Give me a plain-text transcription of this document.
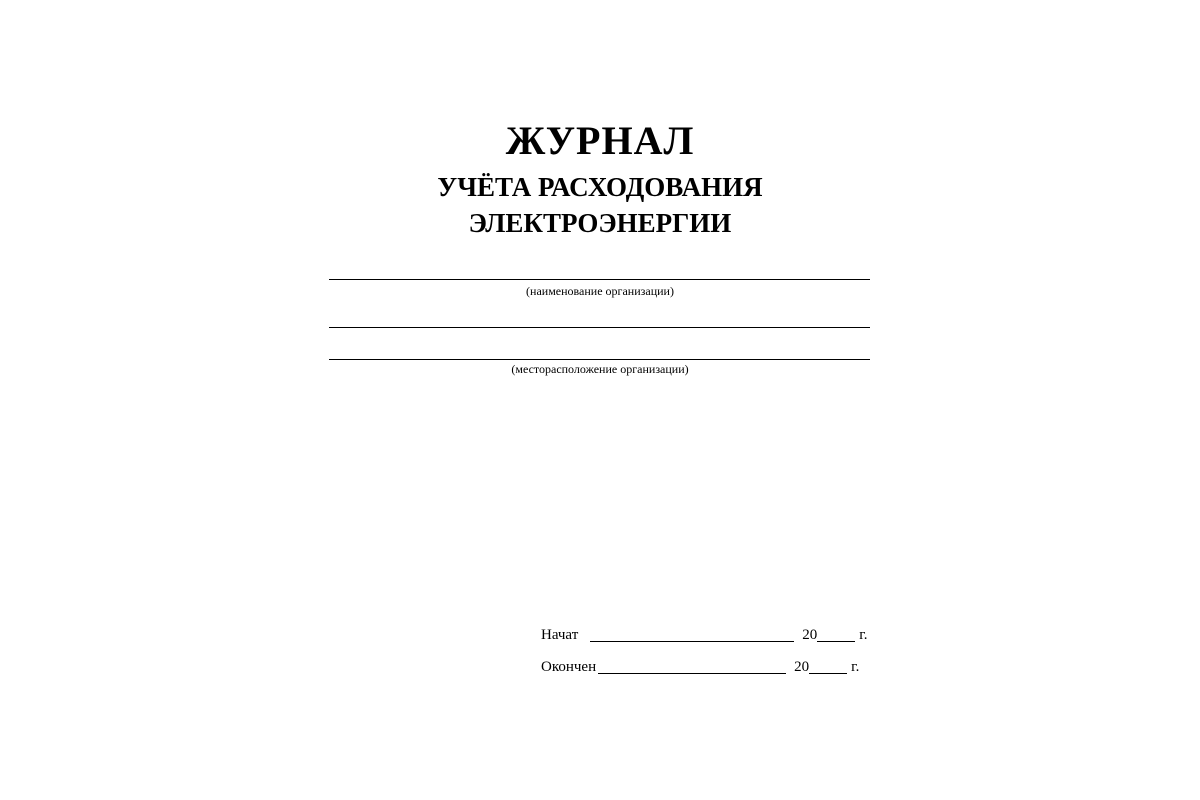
ЖУРНАЛ
УЧЁТА РАСХОДОВАНИЯ
ЭЛЕКТРОЭНЕРГИИ
(наименование организации)
(месторасположение организации)
Начат	20	г.
Окончен	20	г.
